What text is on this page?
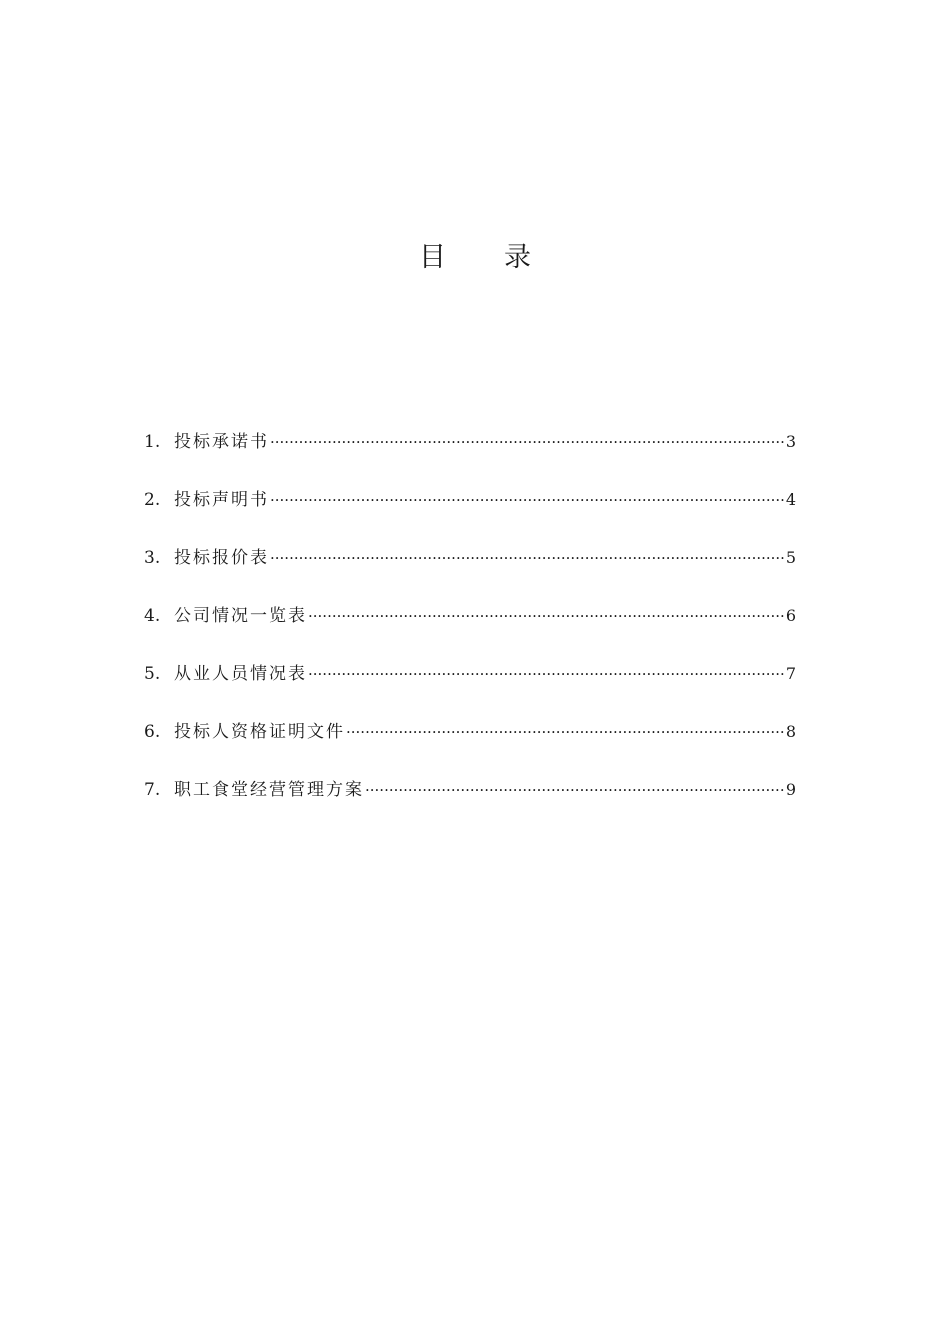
目 录
1. 投标承诺书 ·····	3
2. 投标声明书 ·····	4
3. 投标报价表 ·····	5
4. 公司情况一览表 ·····	6
5. 从业人员情况表 ·····	7
6. 投标人资格证明文件 ·····	8
7. 职工食堂经营管理方案 ·····	9
